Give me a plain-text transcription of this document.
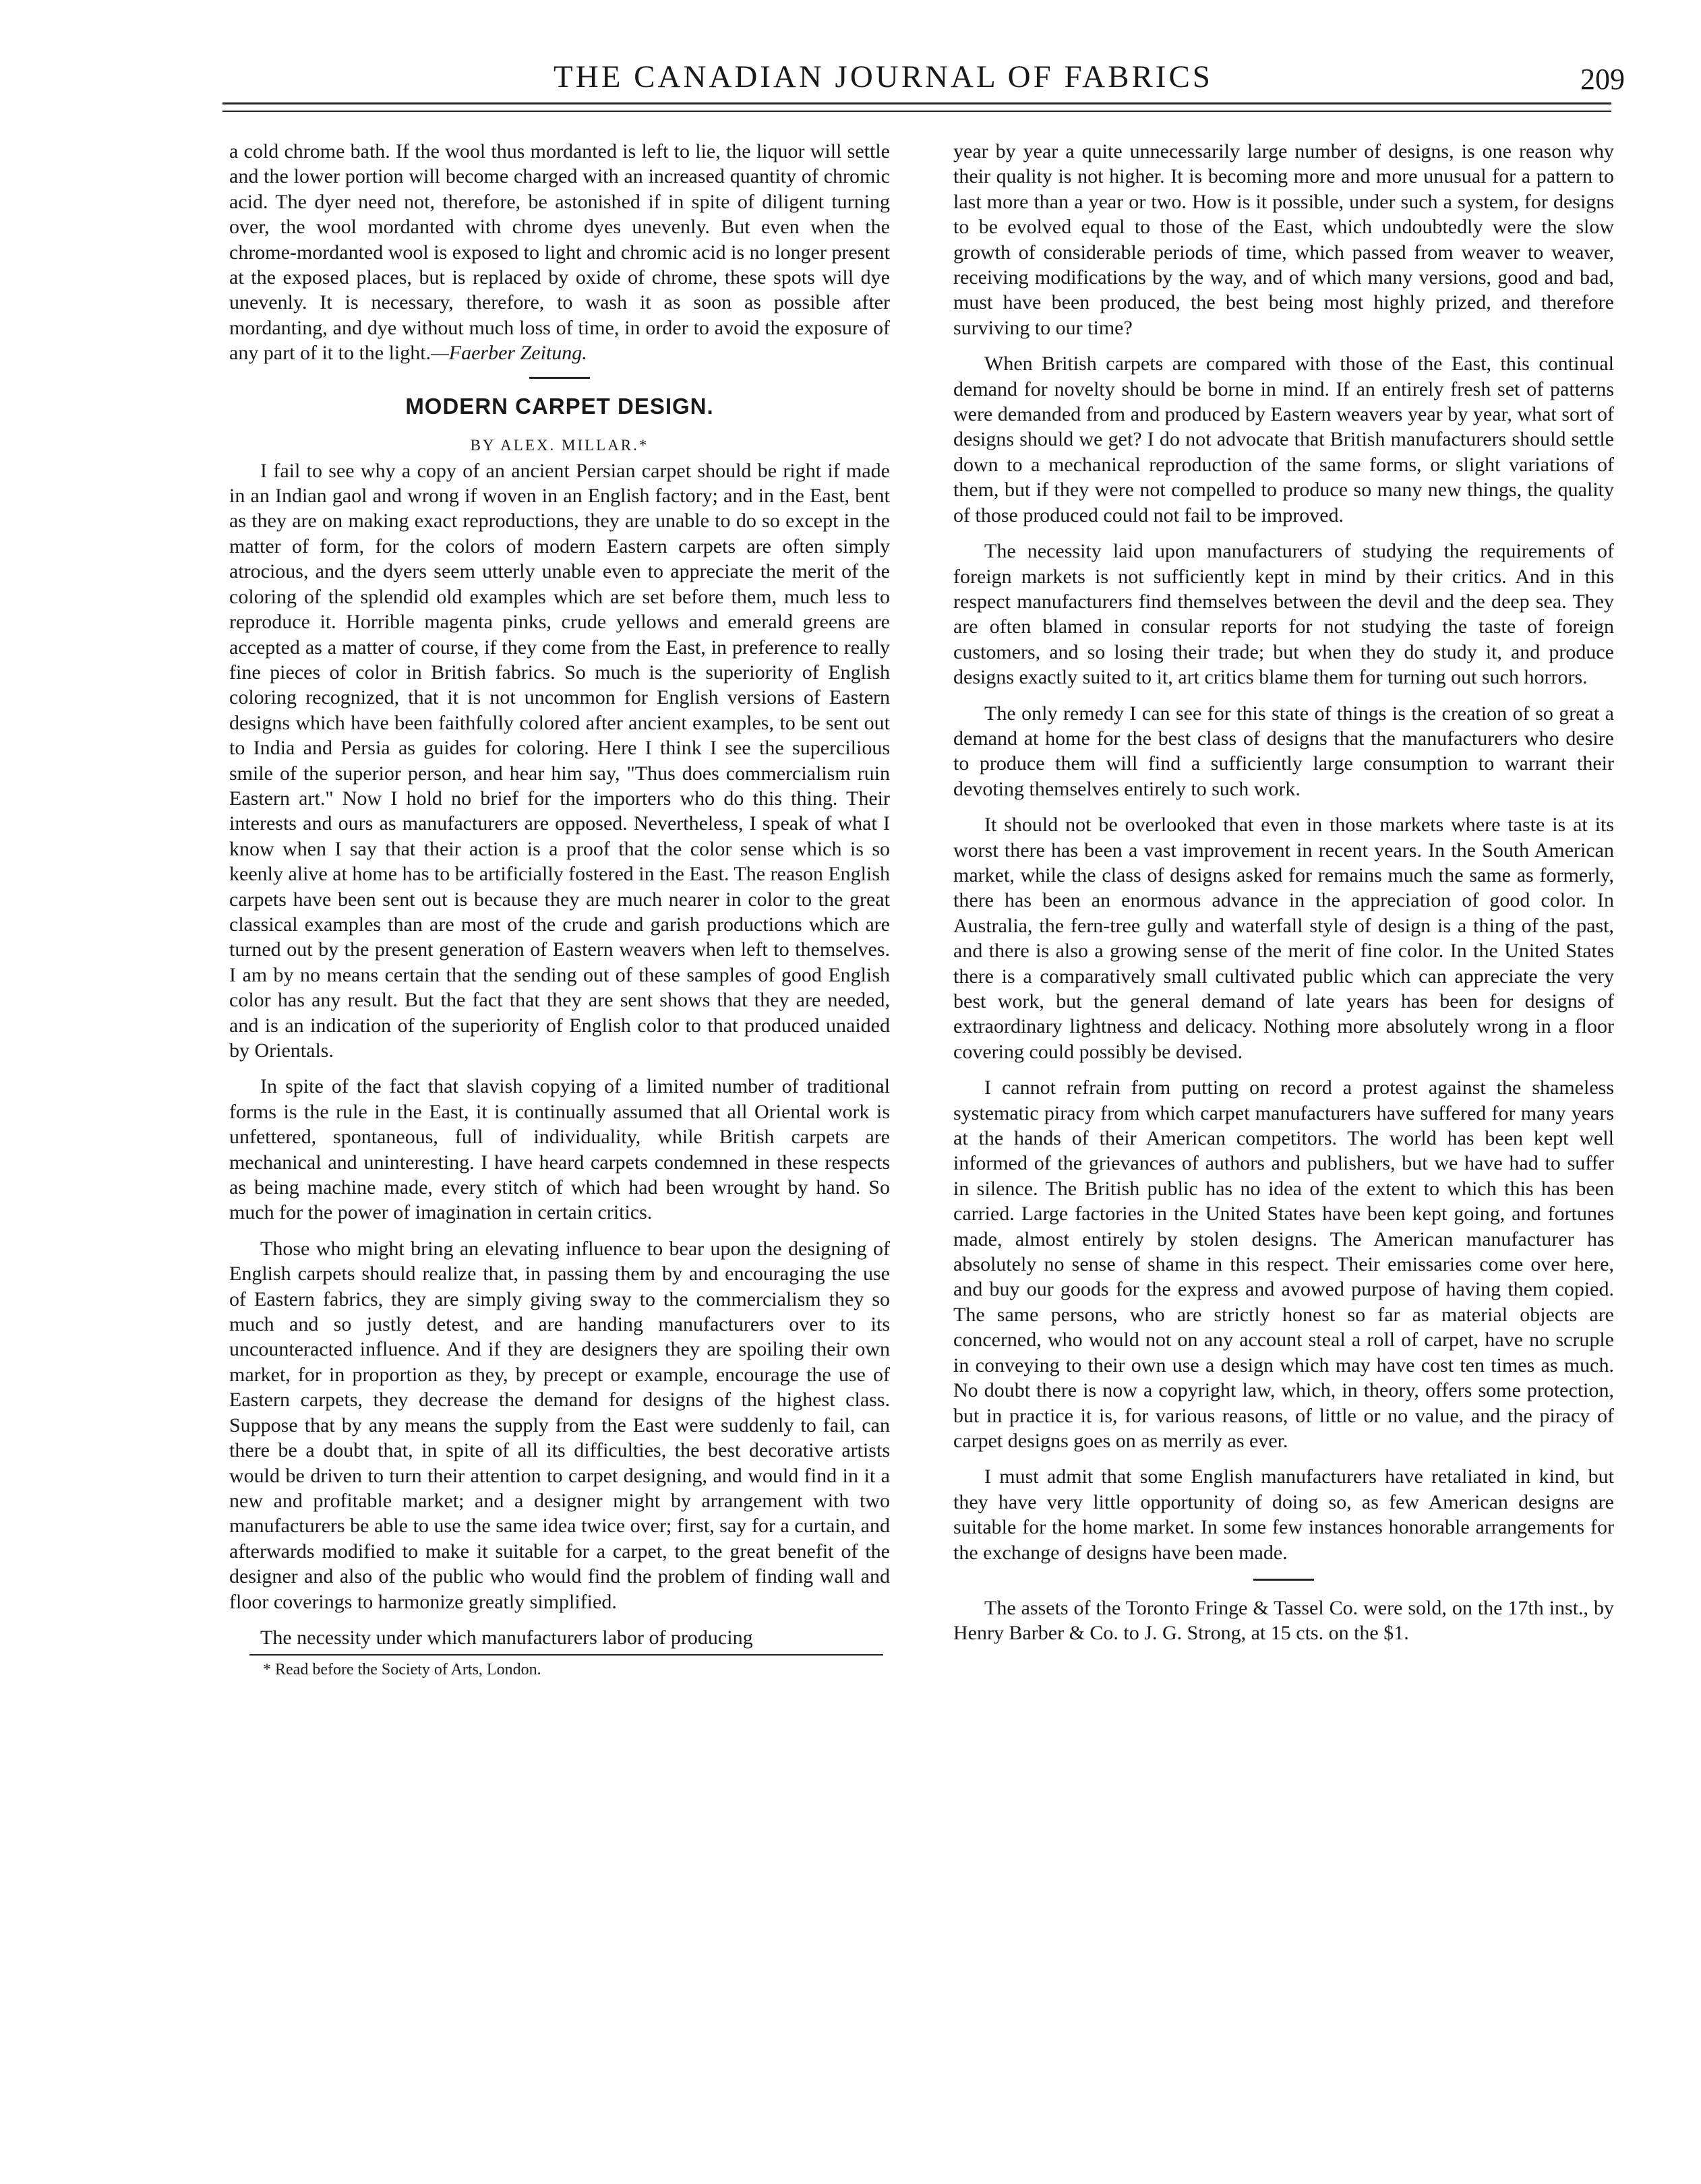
THE CANADIAN JOURNAL OF FABRICS	209

a cold chrome bath. If the wool thus mordanted is left to lie, the liquor will settle and the lower portion will become charged with an increased quantity of chromic acid. The dyer need not, therefore, be astonished if in spite of diligent turning over, the wool mordanted with chrome dyes unevenly. But even when the chrome-mordanted wool is exposed to light and chromic acid is no longer present at the exposed places, but is replaced by oxide of chrome, these spots will dye unevenly. It is necessary, therefore, to wash it as soon as possible after mordanting, and dye without much loss of time, in order to avoid the exposure of any part of it to the light.—Faerber Zeitung.

MODERN CARPET DESIGN.
BY ALEX. MILLAR.*

I fail to see why a copy of an ancient Persian carpet should be right if made in an Indian gaol and wrong if woven in an English factory; and in the East, bent as they are on making exact reproductions, they are unable to do so except in the matter of form, for the colors of modern Eastern carpets are often simply atrocious, and the dyers seem utterly unable even to appreciate the merit of the coloring of the splendid old examples which are set before them, much less to reproduce it. Horrible magenta pinks, crude yellows and emerald greens are accepted as a matter of course, if they come from the East, in preference to really fine pieces of color in British fabrics. So much is the superiority of English coloring recognized, that it is not uncommon for English versions of Eastern designs which have been faithfully colored after ancient examples, to be sent out to India and Persia as guides for coloring. Here I think I see the supercilious smile of the superior person, and hear him say, "Thus does commercialism ruin Eastern art." Now I hold no brief for the importers who do this thing. Their interests and ours as manufacturers are opposed. Nevertheless, I speak of what I know when I say that their action is a proof that the color sense which is so keenly alive at home has to be artificially fostered in the East. The reason English carpets have been sent out is because they are much nearer in color to the great classical examples than are most of the crude and garish productions which are turned out by the present generation of Eastern weavers when left to themselves. I am by no means certain that the sending out of these samples of good English color has any result. But the fact that they are sent shows that they are needed, and is an indication of the superiority of English color to that produced unaided by Orientals.

In spite of the fact that slavish copying of a limited number of traditional forms is the rule in the East, it is continually assumed that all Oriental work is unfettered, spontaneous, full of individuality, while British carpets are mechanical and uninteresting. I have heard carpets condemned in these respects as being machine made, every stitch of which had been wrought by hand. So much for the power of imagination in certain critics.

Those who might bring an elevating influence to bear upon the designing of English carpets should realize that, in passing them by and encouraging the use of Eastern fabrics, they are simply giving sway to the commercialism they so much and so justly detest, and are handing manufacturers over to its uncounteracted influence. And if they are designers they are spoiling their own market, for in proportion as they, by precept or example, encourage the use of Eastern carpets, they decrease the demand for designs of the highest class. Suppose that by any means the supply from the East were suddenly to fail, can there be a doubt that, in spite of all its difficulties, the best decorative artists would be driven to turn their attention to carpet designing, and would find in it a new and profitable market; and a designer might by arrangement with two manufacturers be able to use the same idea twice over; first, say for a curtain, and afterwards modified to make it suitable for a carpet, to the great benefit of the designer and also of the public who would find the problem of finding wall and floor coverings to harmonize greatly simplified.

The necessity under which manufacturers labor of producing

* Read before the Society of Arts, London.

year by year a quite unnecessarily large number of designs, is one reason why their quality is not higher. It is becoming more and more unusual for a pattern to last more than a year or two. How is it possible, under such a system, for designs to be evolved equal to those of the East, which undoubtedly were the slow growth of considerable periods of time, which passed from weaver to weaver, receiving modifications by the way, and of which many versions, good and bad, must have been produced, the best being most highly prized, and therefore surviving to our time?

When British carpets are compared with those of the East, this continual demand for novelty should be borne in mind. If an entirely fresh set of patterns were demanded from and produced by Eastern weavers year by year, what sort of designs should we get? I do not advocate that British manufacturers should settle down to a mechanical reproduction of the same forms, or slight variations of them, but if they were not compelled to produce so many new things, the quality of those produced could not fail to be improved.

The necessity laid upon manufacturers of studying the requirements of foreign markets is not sufficiently kept in mind by their critics. And in this respect manufacturers find themselves between the devil and the deep sea. They are often blamed in consular reports for not studying the taste of foreign customers, and so losing their trade; but when they do study it, and produce designs exactly suited to it, art critics blame them for turning out such horrors.

The only remedy I can see for this state of things is the creation of so great a demand at home for the best class of designs that the manufacturers who desire to produce them will find a sufficiently large consumption to warrant their devoting themselves entirely to such work.

It should not be overlooked that even in those markets where taste is at its worst there has been a vast improvement in recent years. In the South American market, while the class of designs asked for remains much the same as formerly, there has been an enormous advance in the appreciation of good color. In Australia, the fern-tree gully and waterfall style of design is a thing of the past, and there is also a growing sense of the merit of fine color. In the United States there is a comparatively small cultivated public which can appreciate the very best work, but the general demand of late years has been for designs of extraordinary lightness and delicacy. Nothing more absolutely wrong in a floor covering could possibly be devised.

I cannot refrain from putting on record a protest against the shameless systematic piracy from which carpet manufacturers have suffered for many years at the hands of their American competitors. The world has been kept well informed of the grievances of authors and publishers, but we have had to suffer in silence. The British public has no idea of the extent to which this has been carried. Large factories in the United States have been kept going, and fortunes made, almost entirely by stolen designs. The American manufacturer has absolutely no sense of shame in this respect. Their emissaries come over here, and buy our goods for the express and avowed purpose of having them copied. The same persons, who are strictly honest so far as material objects are concerned, who would not on any account steal a roll of carpet, have no scruple in conveying to their own use a design which may have cost ten times as much. No doubt there is now a copyright law, which, in theory, offers some protection, but in practice it is, for various reasons, of little or no value, and the piracy of carpet designs goes on as merrily as ever.

I must admit that some English manufacturers have retaliated in kind, but they have very little opportunity of doing so, as few American designs are suitable for the home market. In some few instances honorable arrangements for the exchange of designs have been made.

The assets of the Toronto Fringe & Tassel Co. were sold, on the 17th inst., by Henry Barber & Co. to J. G. Strong, at 15 cts. on the $1.
